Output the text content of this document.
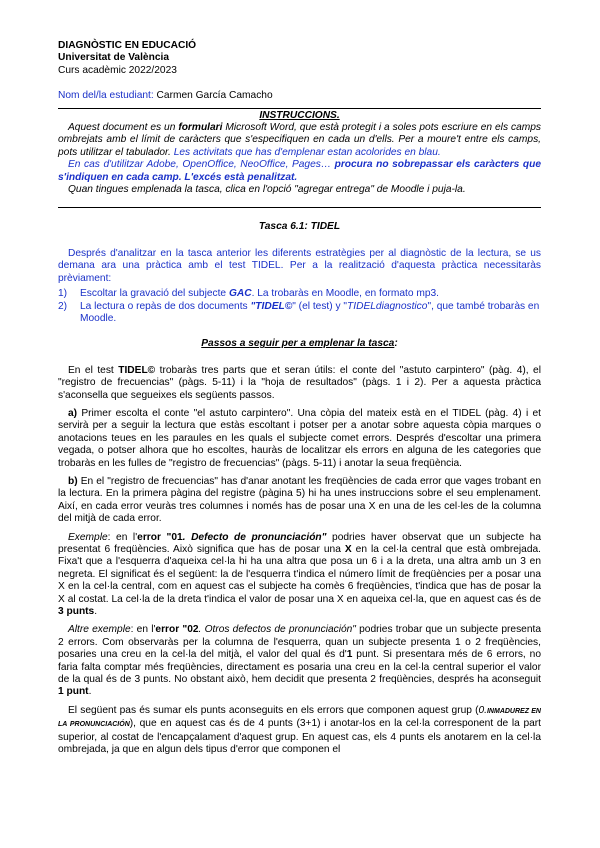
DIAGNÒSTIC EN EDUCACIÓ

Universitat de València

Curs acadèmic 2022/2023

Nom del/la estudiant: Carmen García Camacho

INSTRUCCIONS.

Aquest document es un formulari Microsoft Word, que està protegit i a soles pots escriure en els camps ombrejats amb el límit de caràcters que s'especifiquen en cada un d'ells. Per a moure't entre els camps, pots utilitzar el tabulador. Les activitats que has d'emplenar estan acolorides en blau.

En cas d'utilitzar Adobe, OpenOffice, NeoOffice, Pages… procura no sobrepassar els caràcters que s'indiquen en cada camp. L'excés està penalitzat.

Quan tingues emplenada la tasca, clica en l'opció "agregar entrega" de Moodle i puja-la.

Tasca 6.1: TIDEL

Després d'analitzar en la tasca anterior les diferents estratègies per al diagnòstic de la lectura, se us demana ara una pràctica amb el test TIDEL. Per a la realització d'aquesta pràctica necessitaràs prèviament:

1)	Escoltar la gravació del subjecte GAC. La trobaràs en Moodle, en formato mp3.
2)	La lectura o repàs de dos documents "TIDEL©" (el test) y "TIDELdiagnostico", que també trobaràs en Moodle.

Passos a seguir per a emplenar la tasca:

En el test TIDEL© trobaràs tres parts que et seran útils: el conte del "astuto carpintero" (pàg. 4), el "registro de frecuencias" (pàgs. 5-11) i la "hoja de resultados" (pàgs. 1 i 2). Per a aquesta pràctica s'aconsella que segueixes els següents passos.

a) Primer escolta el conte "el astuto carpintero". Una còpia del mateix està en el TIDEL (pàg. 4) i et servirà per a seguir la lectura que estàs escoltant i potser per a anotar sobre aquesta còpia marques o anotacions teues en les paraules en les quals el subjecte comet errors. Després d'escoltar una primera vegada, o potser alhora que ho escoltes, hauràs de localitzar els errors en alguna de les categories que trobaràs en les fulles de "registro de frecuencias" (pàgs. 5-11) i anotar la seua freqüència.

b) En el "registro de frecuencias" has d'anar anotant les freqüències de cada error que vages trobant en la lectura. En la primera pàgina del registre (pàgina 5) hi ha unes instruccions sobre el seu emplenament. Així, en cada error veuràs tres columnes i només has de posar una X en una de les cel·les de la columna del mitjà de cada error.

Exemple: en l'error "01. Defecto de pronunciación" podries haver observat que un subjecte ha presentat 6 freqüències. Això significa que has de posar una X en la cel·la central que està ombrejada. Fixa't que a l'esquerra d'aqueixa cel·la hi ha una altra que posa un 6 i a la dreta, una altra amb un 3 en negreta. El significat és el següent: la de l'esquerra t'indica el número límit de freqüències per a posar una X en la cel·la central, com en aquest cas el subjecte ha comès 6 freqüències, t'indica que has de posar la X al costat. La cel·la de la dreta t'indica el valor de posar una X en aqueixa cel·la, que en aquest cas és de 3 punts.

Altre exemple: en l'error "02. Otros defectos de pronunciación" podries trobar que un subjecte presenta 2 errors. Com observaràs per la columna de l'esquerra, quan un subjecte presenta 1 o 2 freqüències, posaries una creu en la cel·la del mitjà, el valor del qual és d'1 punt. Si presentara més de 6 errors, no faria falta comptar més freqüències, directament es posaria una creu en la cel·la central superior el valor de la qual és de 3 punts. No obstant això, hem decidit que presenta 2 freqüències, després ha aconseguit 1 punt.

El següent pas és sumar els punts aconseguits en els errors que componen aquest grup (0.INMADUREZ EN LA PRONUNCIACIÓN), que en aquest cas és de 4 punts (3+1) i anotar-los en la cel·la corresponent de la part superior, al costat de l'encapçalament d'aquest grup. En aquest cas, els 4 punts els anotarem en la cel·la ombrejada, ja que en algun dels tipus d'error que componen el
